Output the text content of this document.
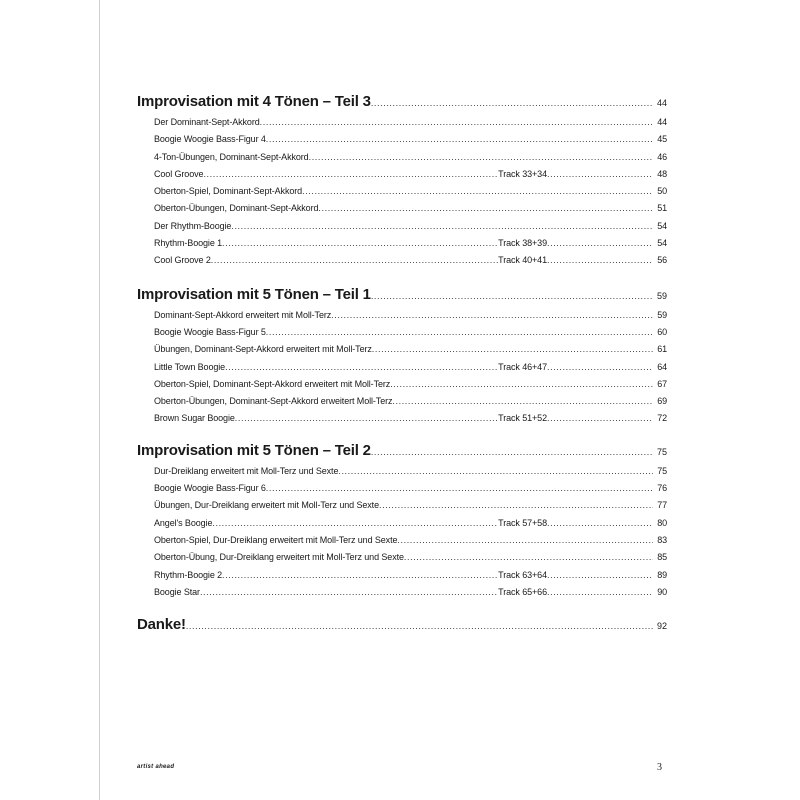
Improvisation mit 4 Tönen – Teil 3 .....	44
Der Dominant-Sept-Akkord .....	44
Boogie Woogie Bass-Figur 4 .....	45
4-Ton-Übungen, Dominant-Sept-Akkord .....	46
Cool Groove .....	Track 33+34 .....	48
Oberton-Spiel, Dominant-Sept-Akkord .....	50
Oberton-Übungen, Dominant-Sept-Akkord .....	51
Der Rhythm-Boogie .....	54
Rhythm-Boogie 1 .....	Track 38+39 .....	54
Cool Groove 2 .....	Track 40+41 .....	56
Improvisation mit 5 Tönen – Teil 1 .....	59
Dominant-Sept-Akkord erweitert mit Moll-Terz .....	59
Boogie Woogie Bass-Figur 5 .....	60
Übungen, Dominant-Sept-Akkord erweitert mit Moll-Terz .....	61
Little Town Boogie .....	Track 46+47 .....	64
Oberton-Spiel, Dominant-Sept-Akkord erweitert mit Moll-Terz .....	67
Oberton-Übungen, Dominant-Sept-Akkord erweitert Moll-Terz .....	69
Brown Sugar Boogie .....	Track 51+52 .....	72
Improvisation mit 5 Tönen – Teil 2 .....	75
Dur-Dreiklang erweitert mit Moll-Terz und Sexte .....	75
Boogie Woogie Bass-Figur 6 .....	76
Übungen, Dur-Dreiklang erweitert mit Moll-Terz und Sexte .....	77
Angel's Boogie .....	Track 57+58 .....	80
Oberton-Spiel, Dur-Dreiklang erweitert mit Moll-Terz und Sexte .....	83
Oberton-Übung, Dur-Dreiklang erweitert mit Moll-Terz und Sexte .....	85
Rhythm-Boogie 2 .....	Track 63+64 .....	89
Boogie Star .....	Track 65+66 .....	90
Danke! .....	92
artist ahead	3
